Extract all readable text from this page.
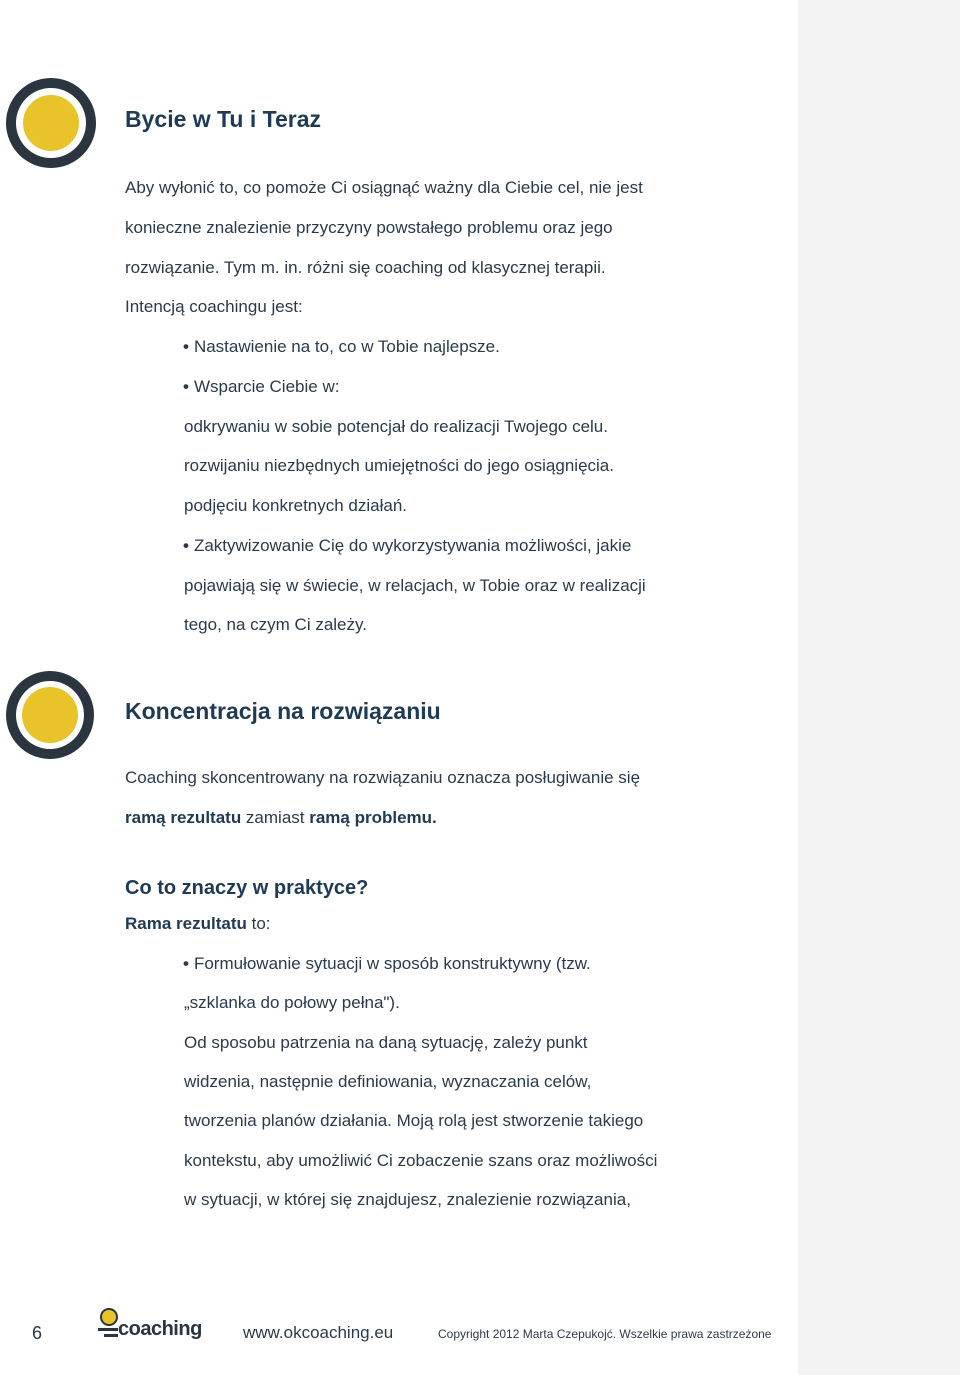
Bycie w Tu i Teraz
Aby wyłonić to, co pomoże Ci osiągnąć ważny dla Ciebie cel, nie jest
konieczne znalezienie przyczyny powstałego problemu oraz jego
rozwiązanie. Tym m. in. różni się coaching od klasycznej terapii.
Intencją coachingu jest:
• Nastawienie na to, co w Tobie najlepsze.
• Wsparcie Ciebie w:
odkrywaniu w sobie potencjał do realizacji Twojego celu.
rozwijaniu niezbędnych umiejętności do jego osiągnięcia.
podjęciu konkretnych działań.
• Zaktywizowanie Cię do wykorzystywania możliwości, jakie
pojawiają się w świecie, w relacjach, w Tobie oraz w realizacji
tego, na czym Ci zależy.
Koncentracja na rozwiązaniu
Coaching skoncentrowany na rozwiązaniu oznacza posługiwanie się
ramą rezultatu zamiast ramą problemu.
Co to znaczy w praktyce?
Rama rezultatu to:
• Formułowanie sytuacji w sposób konstruktywny (tzw.
„szklanka do połowy pełna").
Od sposobu patrzenia na daną sytuację, zależy punkt
widzenia, następnie definiowania, wyznaczania celów,
tworzenia planów działania. Moją rolą jest stworzenie takiego
kontekstu, aby umożliwić Ci zobaczenie szans oraz możliwości
w sytuacji, w której się znajdujesz, znalezienie rozwiązania,
6	coaching www.okcoaching.eu	Copyright 2012 Marta Czepukojć. Wszelkie prawa zastrzeżone
